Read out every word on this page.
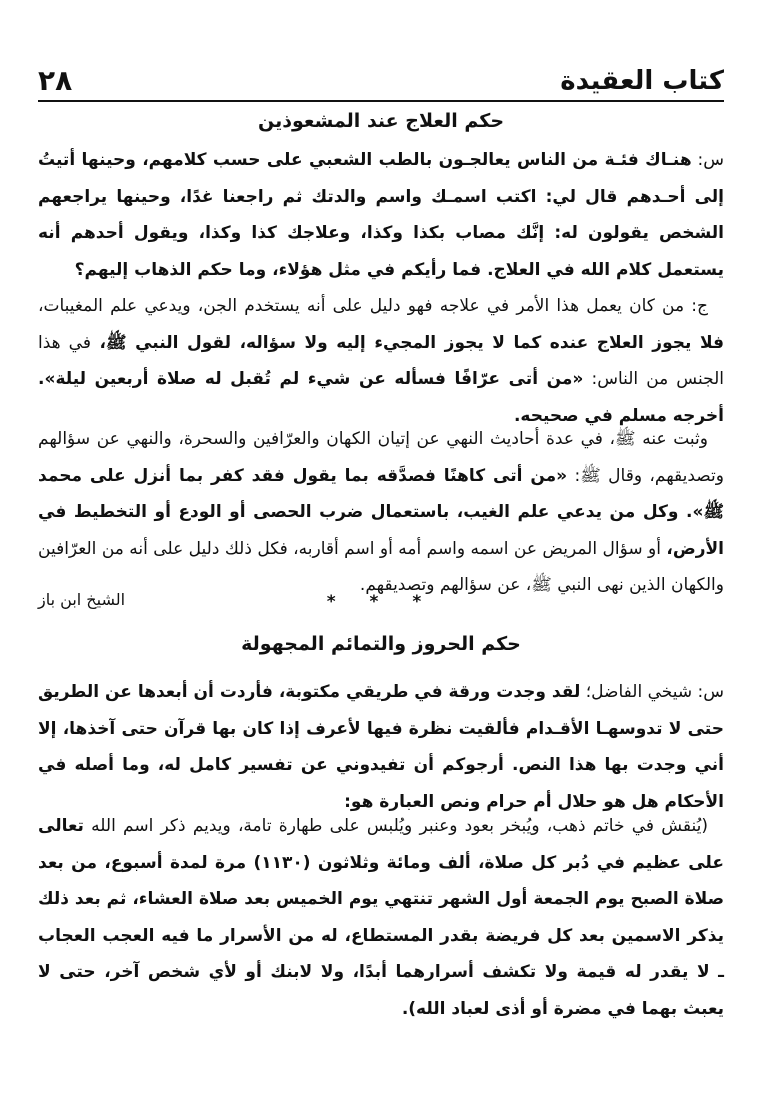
كتاب العقيدة
٢٨
حكم العلاج عند المشعوذين

س: هنـاك فئـة من الناس يعالجـون بالطب الشعبي على حسب كلامهم، وحينها أتيتُ إلى أحـدهم قال لي: اكتب اسمـك واسم والدتك ثم راجعنا غدًا، وحينها يراجعهم الشخص يقولون له: إنَّك مصاب بكذا وكذا، وعلاجك كذا وكذا، ويقول أحدهم أنه يستعمل كلام الله في العلاج. فما رأيكم في مثل هؤلاء، وما حكم الذهاب إليهم؟

ج: من كان يعمل هذا الأمر في علاجه فهو دليل على أنه يستخدم الجن، ويدعي علم المغيبات، فلا يجوز العلاج عنده كما لا يجوز المجيء إليه ولا سؤاله، لقول النبي ﷺ، في هذا الجنس من الناس: «من أتى عرّافًا فسأله عن شيء لم تُقبل له صلاة أربعين ليلة». أخرجه مسلم في صحيحه.

وثبت عنه ﷺ، في عدة أحاديث النهي عن إتيان الكهان والعرّافين والسحرة، والنهي عن سؤالهم وتصديقهم، وقال ﷺ: «من أتى كاهنًا فصدَّقه بما يقول فقد كفر بما أنزل على محمد ﷺ». وكل من يدعي علم الغيب، باستعمال ضرب الحصى أو الودع أو التخطيط في الأرض، أو سؤال المريض عن اسمه واسم أمه أو اسم أقاربه، فكل ذلك دليل على أنه من العرّافين والكهان الذين نهى النبي ﷺ، عن سؤالهم وتصديقهم.

الشيخ ابن باز	* * *
حكم الحروز والتمائم المجهولة

س: شيخي الفاضل؛ لقد وجدت ورقة في طريقي مكتوبة، فأردت أن أبعدها عن الطريق حتى لا تدوسهـا الأقـدام فألقيت نظرة فيها لأعرف إذا كان بها قرآن حتى آخذها، إلا أني وجدت بها هذا النص. أرجوكم أن تفيدوني عن تفسير كامل له، وما أصله في الأحكام هل هو حلال أم حرام ونص العبارة هو:

(يُنقش في خاتم ذهب، ويُبخر بعود وعنبر ويُلبس على طهارة تامة، ويديم ذكر اسم الله تعالى على عظيم في دُبر كل صلاة، ألف ومائة وثلاثون (١١٣٠) مرة لمدة أسبوع، من بعد صلاة الصبح يوم الجمعة أول الشهر تنتهي يوم الخميس بعد صلاة العشاء، ثم بعد ذلك يذكر الاسمين بعد كل فريضة بقدر المستطاع، له من الأسرار ما فيه العجب العجاب ـ لا يقدر له قيمة ولا تكشف أسرارهما أبدًا، ولا لابنك أو لأي شخص آخر، حتى لا يعبث بهما في مضرة أو أذى لعباد الله).
